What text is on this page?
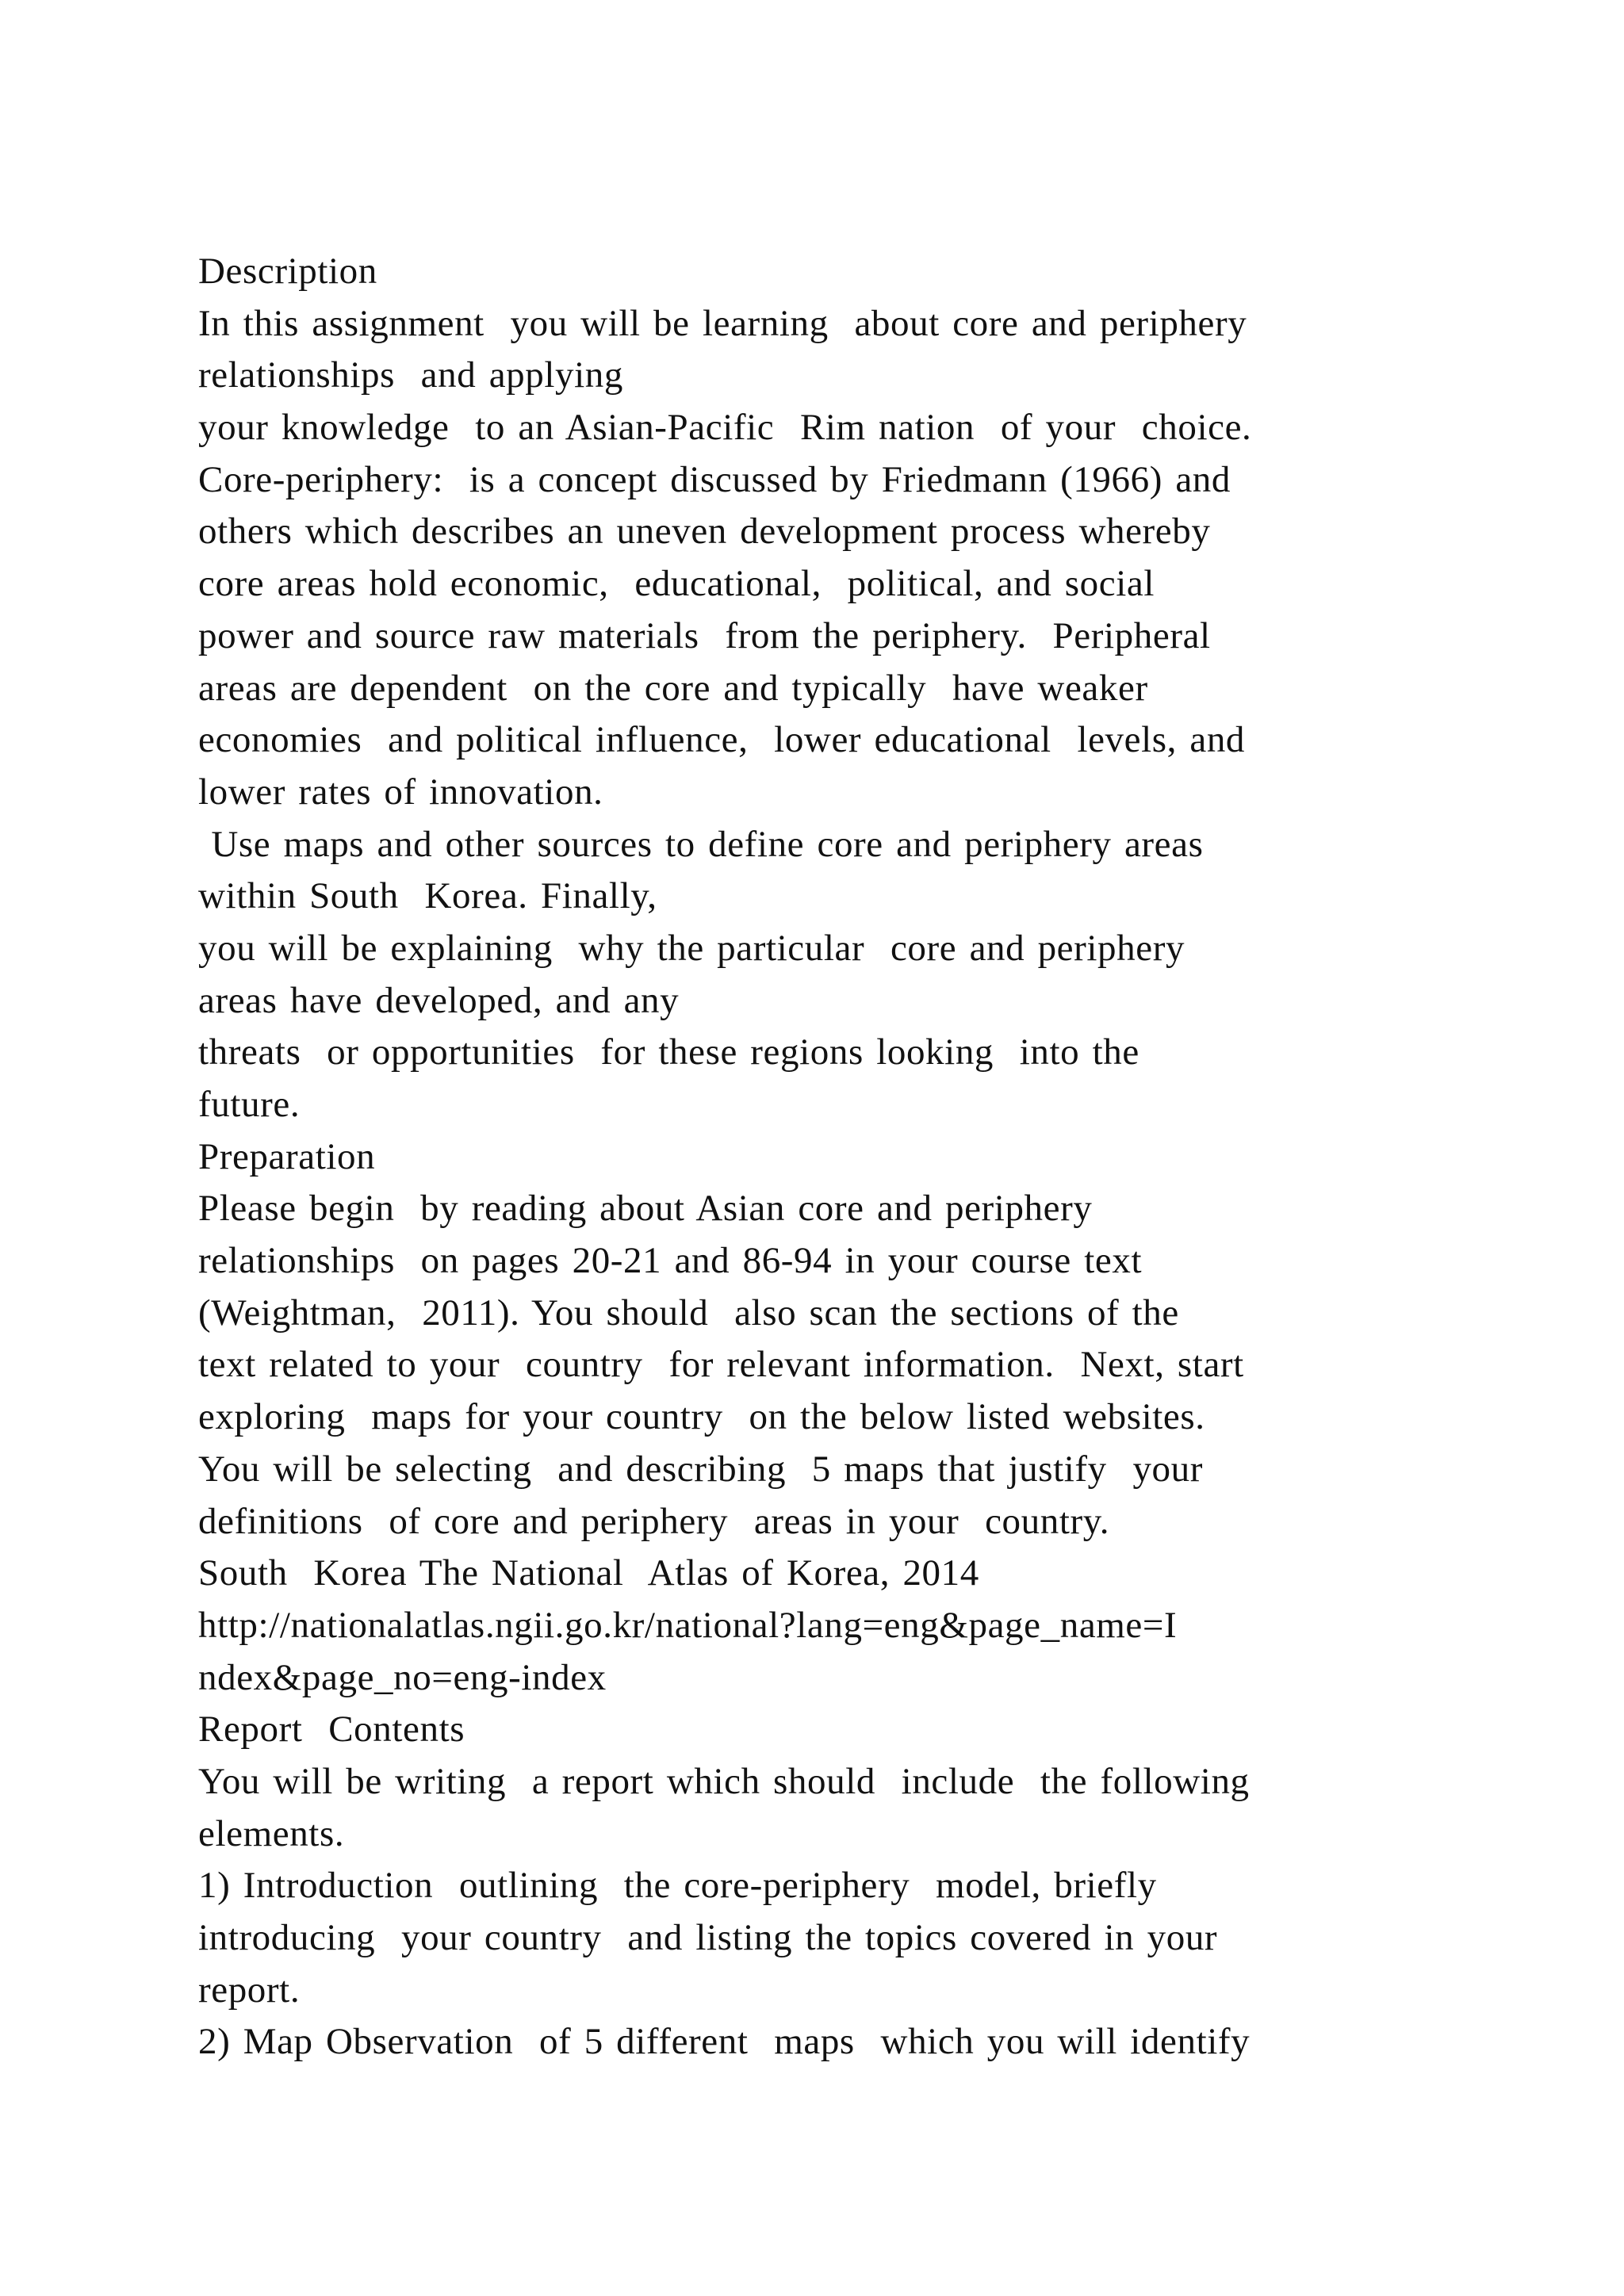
Description
In this assignment  you will be learning  about core and periphery
relationships  and applying
your knowledge  to an Asian-Pacific  Rim nation  of your  choice.
Core-periphery:  is a concept discussed by Friedmann (1966) and
others which describes an uneven development process whereby
core areas hold economic,  educational,  political, and social
power and source raw materials  from the periphery.  Peripheral
areas are dependent  on the core and typically  have weaker
economies  and political influence,  lower educational  levels, and
lower rates of innovation.
Use maps and other sources to define core and periphery areas
within South  Korea. Finally,
you will be explaining  why the particular  core and periphery
areas have developed, and any
threats  or opportunities  for these regions looking  into the
future.
Preparation
Please begin  by reading about Asian core and periphery
relationships  on pages 20-21 and 86-94 in your course text
(Weightman,  2011). You should  also scan the sections of the
text related to your  country  for relevant information.  Next, start
exploring  maps for your country  on the below listed websites.
You will be selecting  and describing  5 maps that justify  your
definitions  of core and periphery  areas in your  country.
South  Korea The National  Atlas of Korea, 2014
http://nationalatlas.ngii.go.kr/national?lang=eng&page_name=I
ndex&page_no=eng-index
Report  Contents
You will be writing  a report which should  include  the following
elements.
1) Introduction  outlining  the core-periphery  model, briefly
introducing  your country  and listing the topics covered in your
report.
2) Map Observation  of 5 different  maps  which you will identify
